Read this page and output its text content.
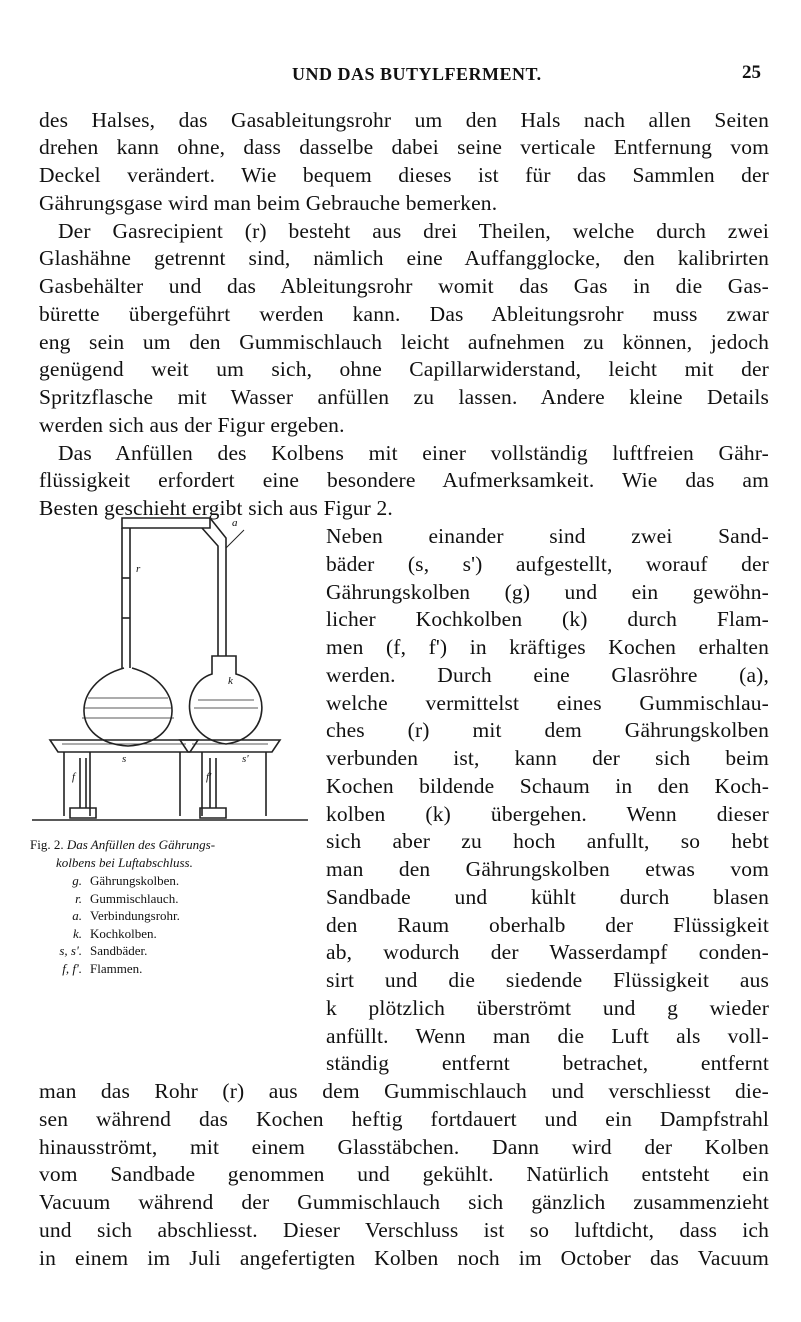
UND DAS BUTYLFERMENT.	25
des Halses, das Gasableitungsrohr um den Hals nach allen Seiten
drehen kann ohne, dass dasselbe dabei seine verticale Entfernung vom
Deckel verändert. Wie bequem dieses ist für das Sammlen der
Gährungsgase wird man beim Gebrauche bemerken.
Der Gasrecipient (r) besteht aus drei Theilen, welche durch zwei
Glashähne getrennt sind, nämlich eine Auffangglocke, den kalibrirten
Gasbehälter und das Ableitungsrohr womit das Gas in die Gas-
bürette übergeführt werden kann. Das Ableitungsrohr muss zwar
eng sein um den Gummischlauch leicht aufnehmen zu können, jedoch
genügend weit um sich, ohne Capillarwiderstand, leicht mit der
Spritzflasche mit Wasser anfüllen zu lassen. Andere kleine Details
werden sich aus der Figur ergeben.
Das Anfüllen des Kolbens mit einer vollständig luftfreien Gähr-
flüssigkeit erfordert eine besondere Aufmerksamkeit. Wie das am
Besten geschieht ergibt sich aus Figur 2.
Neben einander sind zwei Sand-
bäder (s, s') aufgestellt, worauf der
Gährungskolben (g) und ein gewöhn-
licher Kochkolben (k) durch Flam-
men (f, f') in kräftiges Kochen erhalten
werden. Durch eine Glasröhre (a),
welche vermittelst eines Gummischlau-
ches (r) mit dem Gährungskolben
verbunden ist, kann der sich beim
Kochen bildende Schaum in den Koch-
kolben (k) übergehen. Wenn dieser
sich aber zu hoch anfullt, so hebt
man den Gährungskolben etwas vom
Sandbade und kühlt durch blasen
den Raum oberhalb der Flüssigkeit
ab, wodurch der Wasserdampf conden-
sirt und die siedende Flüssigkeit aus
k plötzlich überströmt und g wieder
anfüllt. Wenn man die Luft als voll-
ständig entfernt betrachet, entfernt
a
r
k
s	s'
f	f'
Fig. 2. Das Anfüllen des Gährungs-
kolbens bei Luftabschluss.
g. Gährungskolben.
r. Gummischlauch.
a. Verbindungsrohr.
k. Kochkolben.
s, s'. Sandbäder.
f, f'. Flammen.
man das Rohr (r) aus dem Gummischlauch und verschliesst die-
sen während das Kochen heftig fortdauert und ein Dampfstrahl
hinausströmt, mit einem Glasstäbchen. Dann wird der Kolben
vom Sandbade genommen und gekühlt. Natürlich entsteht ein
Vacuum während der Gummischlauch sich gänzlich zusammenzieht
und sich abschliesst. Dieser Verschluss ist so luftdicht, dass ich
in einem im Juli angefertigten Kolben noch im October das Vacuum
